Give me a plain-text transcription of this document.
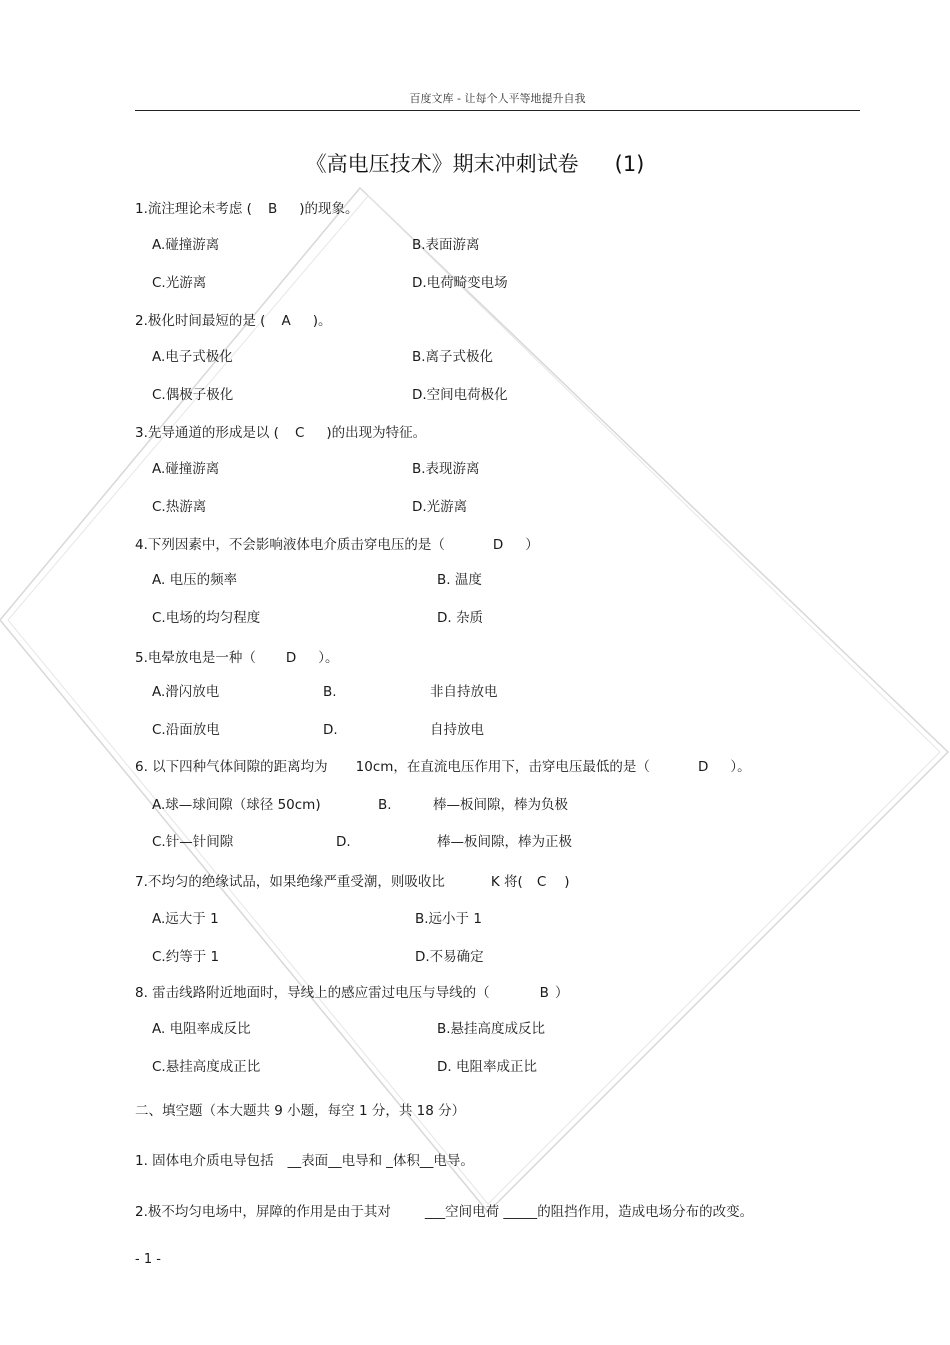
百度文库 - 让每个人平等地提升自我
《高电压技术》期末冲刺试卷 (1)
1.流注理论未考虑 ( B )的现象。
A.碰撞游离	B.表面游离
C.光游离	D.电荷畸变电场
2.极化时间最短的是 ( A )。
A.电子式极化	B.离子式极化
C.偶极子极化	D.空间电荷极化
3.先导通道的形成是以 ( C )的出现为特征。
A.碰撞游离	B.表现游离
C.热游离	D.光游离
4.下列因素中，不会影响液体电介质击穿电压的是（	D ）
A. 电压的频率	B. 温度
C.电场的均匀程度	D. 杂质
5.电晕放电是一种（ D ）。
A.滑闪放电	B.	非自持放电
C.沿面放电	D.	自持放电
6. 以下四种气体间隙的距离均为 10cm，在直流电压作用下，击穿电压最低的是（	D ）。
A.球—球间隙（球径 50cm)	B.	棒—板间隙，棒为负极
C.针—针间隙	D.	棒—板间隙，棒为正极
7.不均匀的绝缘试品，如果绝缘严重受潮，则吸收比	K 将( C )
A.远大于 1	B.远小于 1
C.约等于 1	D.不易确定
8. 雷击线路附近地面时，导线上的感应雷过电压与导线的（	B ）
A. 电阻率成反比	B.悬挂高度成反比
C.悬挂高度成正比	D. 电阻率成正比
二、填空题（本大题共 9 小题，每空 1 分，共 18 分）
1. 固体电介质电导包括 __表面__电导和 _体积__电导。
2.极不均匀电场中，屏障的作用是由于其对	___空间电荷 _____的阻挡作用，造成电场分布的改变。
- 1 -
